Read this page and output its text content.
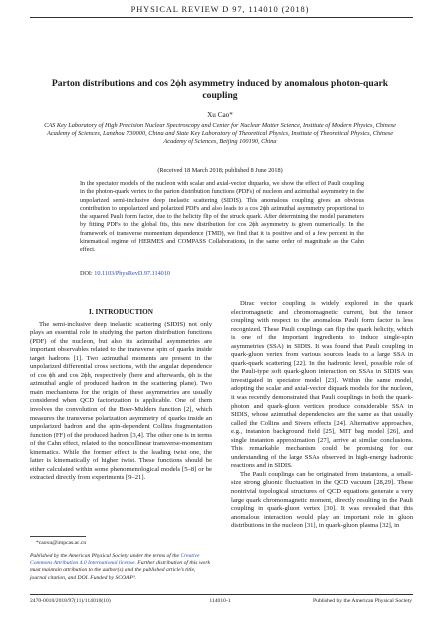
PHYSICAL REVIEW D 97, 114010 (2018)
Parton distributions and cos 2ϕh asymmetry induced by anomalous photon-quark coupling
Xu Cao*
CAS Key Laboratory of High Precision Nuclear Spectroscopy and Center for Nuclear Matter Science, Institute of Modern Physics, Chinese Academy of Sciences, Lanzhou 730000, China and State Key Laboratory of Theoretical Physics, Institute of Theoretical Physics, Chinese Academy of Sciences, Beijing 100190, China
(Received 18 March 2018; published 8 June 2018)
In the spectator models of the nucleon with scalar and axial-vector diquarks, we show the effect of Pauli coupling in the photon-quark vertex to the parton distribution functions (PDFs) of nucleon and azimuthal asymmetry in the unpolarized semi-inclusive deep inelastic scattering (SIDIS). This anomalous coupling gives an obvious contribution to unpolarized and polarized PDFs and also leads to a cos 2ϕh azimuthal asymmetry proportional to the squared Pauli form factor, due to the helicity flip of the struck quark. After determining the model parameters by fitting PDFs to the global fits, this new distribution for cos 2ϕh asymmetry is given numerically. In the framework of transverse momentum dependence (TMD), we find that it is positive and of a few percent in the kinematical regime of HERMES and COMPASS Collaborations, in the same order of magnitude as the Cahn effect.
DOI: 10.1103/PhysRevD.97.114010
I. INTRODUCTION

The semi-inclusive deep inelastic scattering (SIDIS) not only plays an essential role in studying the parton distribution functions (PDF) of the nucleon, but also its azimuthal asymmetries are important observables related to the transverse spin of quarks inside target hadrons [1]. Two azimuthal moments are present in the unpolarized differential cross sections, with the angular dependence of cos ϕh and cos 2ϕh, respectively (here and afterwards, ϕh is the azimuthal angle of produced hadron in the scattering plane). Two main mechanisms for the origin of these asymmetries are usually considered when QCD factorization is applicable. One of them involves the convolution of the Boer-Mulders function [2], which measures the transverse polarization asymmetry of quarks inside an unpolarized hadron and the spin-dependent Collins fragmentation function (FF) of the produced hadron [3,4]. The other one is in terms of the Cahn effect, related to the noncollinear transverse-momentum kinematics. While the former effect is the leading twist one, the latter is kinematically of higher twist. These functions should be either calculated within some phenomenological models [5–8] or be extracted directly from experiments [9–21].

Dirac vector coupling is widely explored in the quark electromagnetic and chromomagnetic current, but the tensor coupling with respect to the anomalous Pauli form factor is less recognized. These Pauli couplings can flip the quark helicity, which is one of the important ingredients to induce single-spin asymmetries (SSA) in SIDIS. It was found that Pauli coupling in quark-gluon vertex from various sources leads to a large SSA in quark-quark scattering [22]. In the hadronic level, possible role of the Pauli-type soft quark-gluon interaction on SSAs in SIDIS was investigated in spectator model [23]. Within the same model, adopting the scalar and axial-vector diquark models for the nucleon, it was recently demonstrated that Pauli couplings in both the quark-photon and quark-gluon vertices produce considerable SSA in SIDIS, whose azimuthal dependencies are the same as that usually called the Collins and Sivers effects [24]. Alternative approaches, e.g., instanton background field [25], MIT bag model [26], and single instanton approximation [27], arrive at similar conclusions. This remarkable mechanism could be promising for our understanding of the large SSAs observed in high-energy hadronic reactions and in SIDIS.

The Pauli couplings can be originated from instantons, a small-size strong gluonic fluctuation in the QCD vacuum [28,29]. These nontrivial topological structures of QCD equations generate a very large quark chromomagnetic moment, directly resulting in the Pauli coupling in quark-gluon vertex [30]. It was revealed that this anomalous interaction would play an important role in gluon distributions in the nucleon [31], in quark-gluon plasma [32], in

*caoxu@impcas.ac.cn
Published by the American Physical Society under the terms of the Creative Commons Attribution 4.0 International license. Further distribution of this work must maintain attribution to the author(s) and the published article’s title, journal citation, and DOI. Funded by SCOAP³.
2470-0010/2018/97(11)/114010(10)	114010-1	Published by the American Physical Society
